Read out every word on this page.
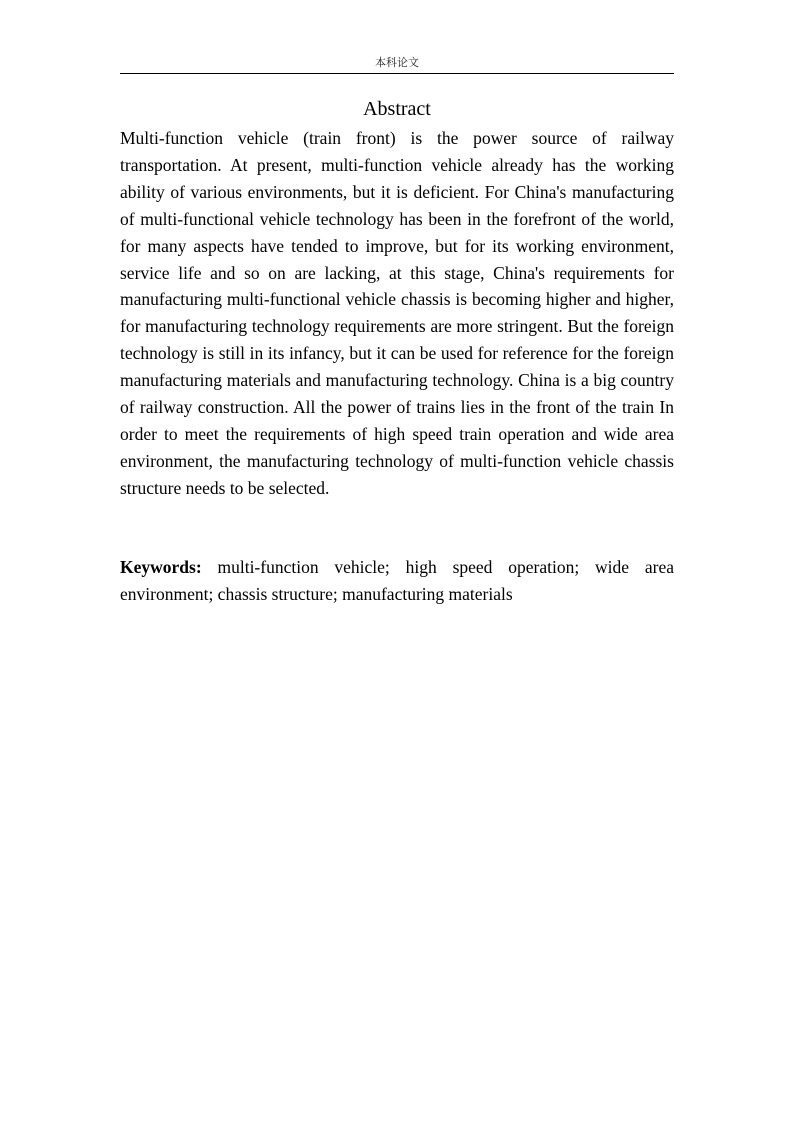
本科论文
Abstract

Multi-function vehicle (train front) is the power source of railway transportation. At present, multi-function vehicle already has the working ability of various environments, but it is deficient. For China's manufacturing of multi-functional vehicle technology has been in the forefront of the world, for many aspects have tended to improve, but for its working environment, service life and so on are lacking, at this stage, China's requirements for manufacturing multi-functional vehicle chassis is becoming higher and higher, for manufacturing technology requirements are more stringent. But the foreign technology is still in its infancy, but it can be used for reference for the foreign manufacturing materials and manufacturing technology. China is a big country of railway construction. All the power of trains lies in the front of the train In order to meet the requirements of high speed train operation and wide area environment, the manufacturing technology of multi-function vehicle chassis structure needs to be selected.

Keywords: multi-function vehicle; high speed operation; wide area environment; chassis structure; manufacturing materials
